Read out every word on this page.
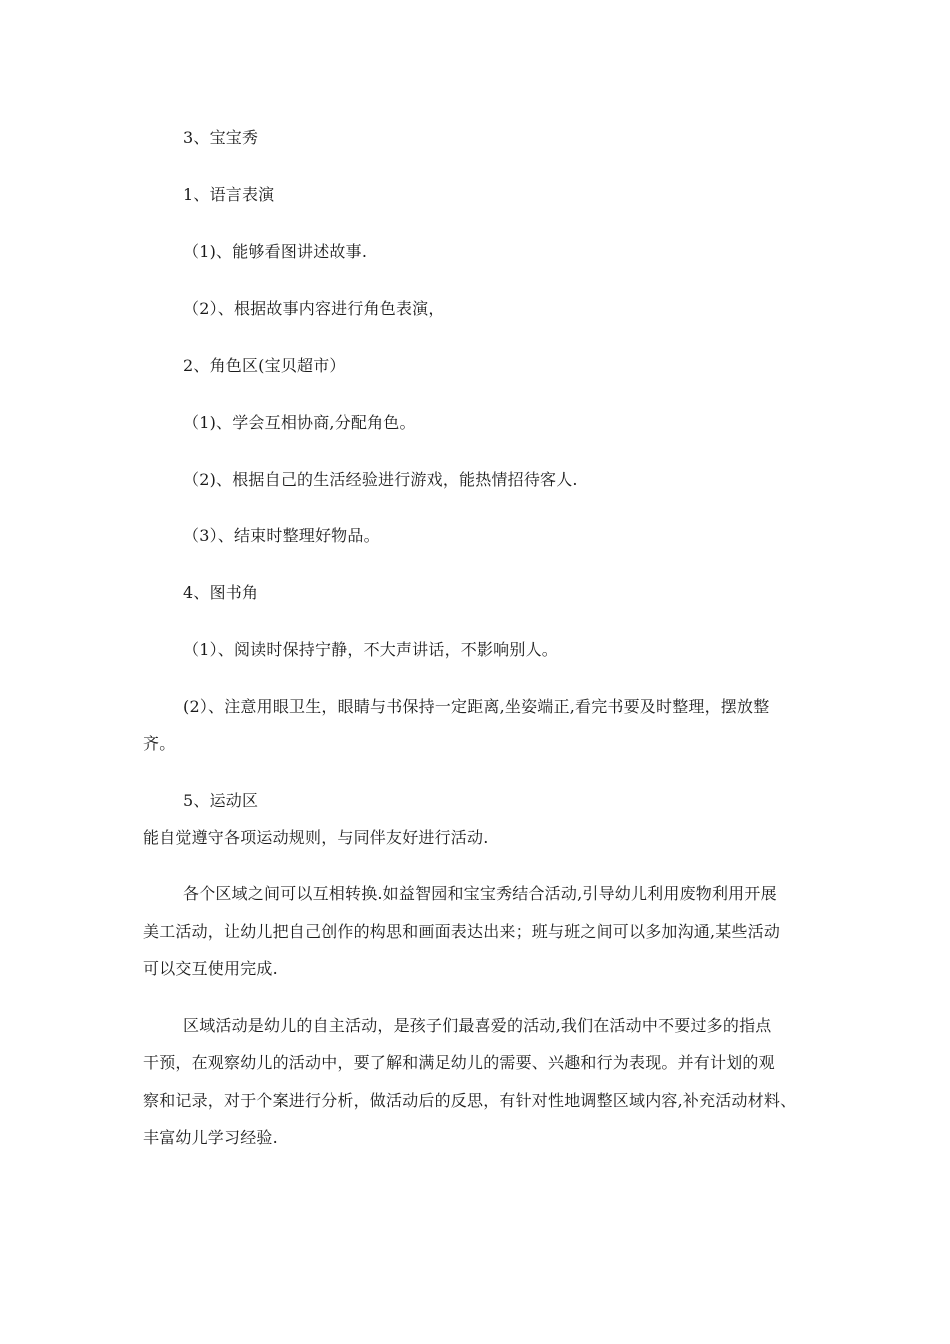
3、宝宝秀
1、语言表演
（1)、能够看图讲述故事.
（2）、根据故事内容进行角色表演，
2、角色区(宝贝超市）
（1)、学会互相协商,分配角色。
（2)、根据自己的生活经验进行游戏，能热情招待客人.
（3）、结束时整理好物品。
4、图书角
（1）、阅读时保持宁静，不大声讲话，不影响别人。
(2）、注意用眼卫生，眼睛与书保持一定距离,坐姿端正,看完书要及时整理，摆放整
齐。
5、运动区
能自觉遵守各项运动规则，与同伴友好进行活动.
各个区域之间可以互相转换.如益智园和宝宝秀结合活动,引导幼儿利用废物利用开展
美工活动，让幼儿把自己创作的构思和画面表达出来；班与班之间可以多加沟通,某些活动
可以交互使用完成.
区域活动是幼儿的自主活动，是孩子们最喜爱的活动,我们在活动中不要过多的指点
干预，在观察幼儿的活动中，要了解和满足幼儿的需要、兴趣和行为表现。并有计划的观
察和记录，对于个案进行分析，做活动后的反思，有针对性地调整区域内容,补充活动材料、
丰富幼儿学习经验.
